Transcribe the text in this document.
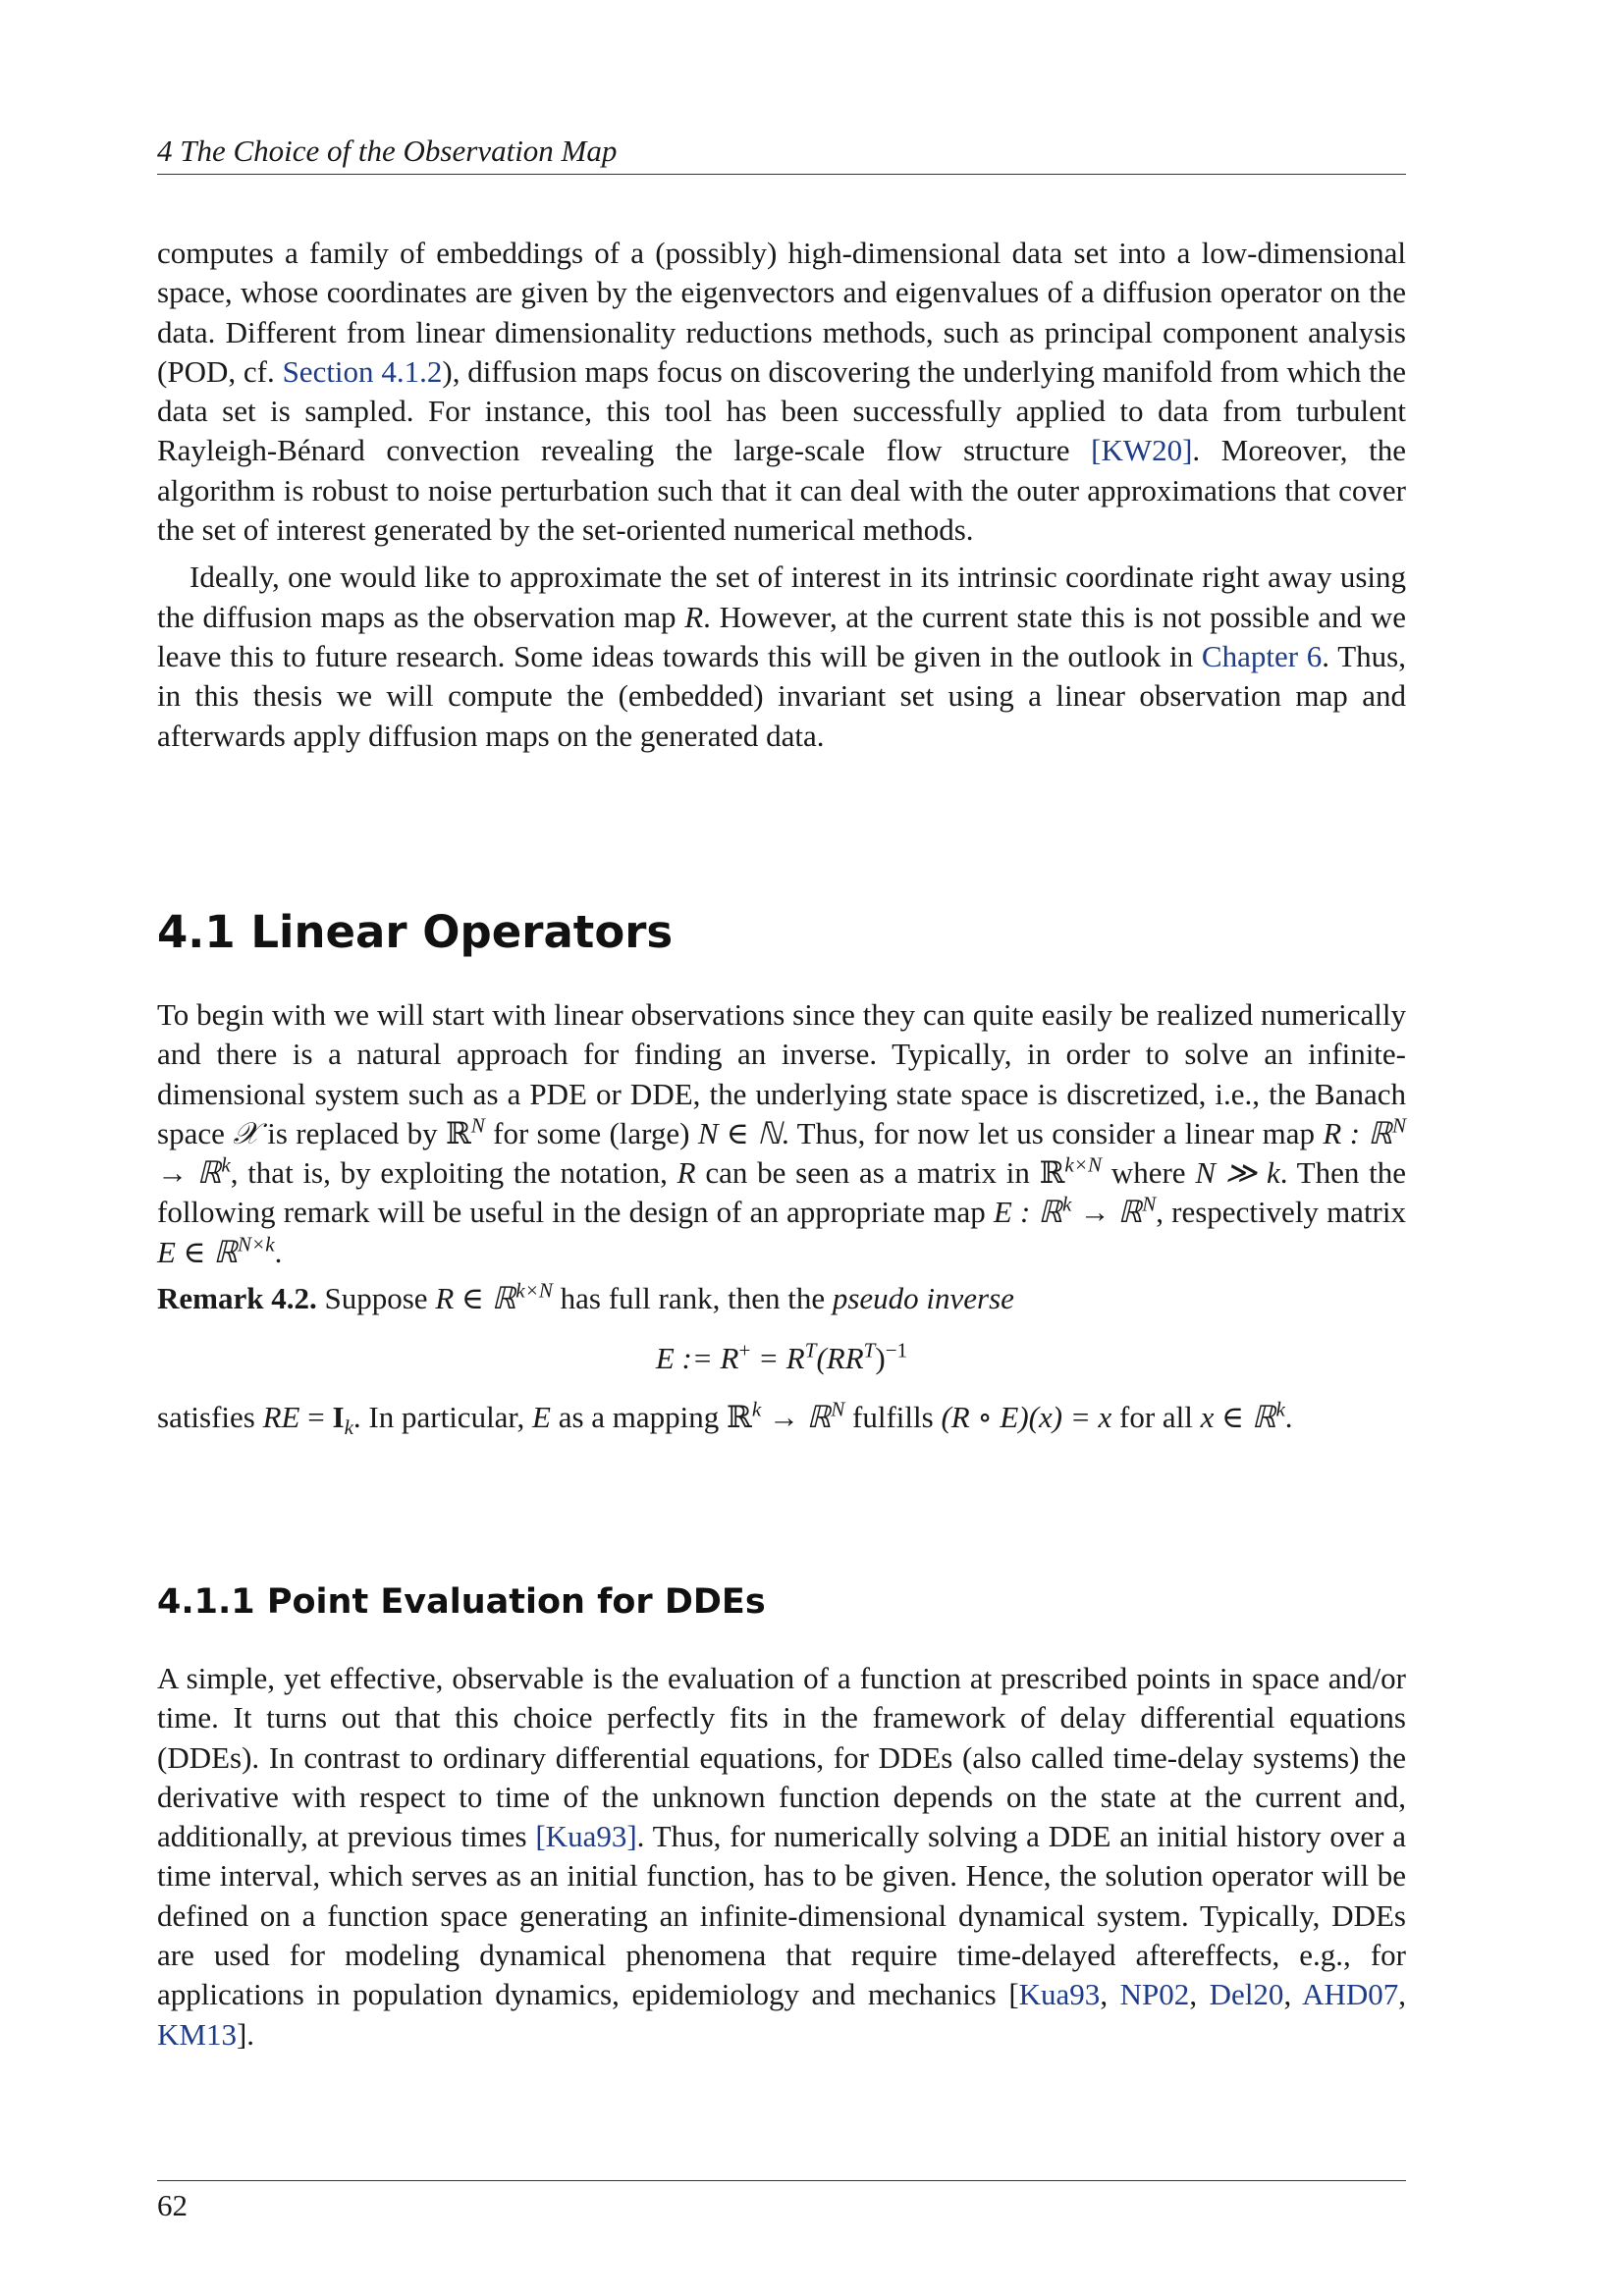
4 The Choice of the Observation Map

computes a family of embeddings of a (possibly) high-dimensional data set into a low-dimensional space, whose coordinates are given by the eigenvectors and eigenvalues of a diffusion operator on the data. Different from linear dimensionality reductions methods, such as principal component analysis (POD, cf. Section 4.1.2), diffusion maps focus on discovering the underlying manifold from which the data set is sampled. For instance, this tool has been successfully applied to data from turbulent Rayleigh-Bénard convection revealing the large-scale flow structure [KW20]. Moreover, the algorithm is robust to noise perturbation such that it can deal with the outer approximations that cover the set of interest generated by the set-oriented numerical methods.

Ideally, one would like to approximate the set of interest in its intrinsic coordinate right away using the diffusion maps as the observation map R. However, at the current state this is not possible and we leave this to future research. Some ideas towards this will be given in the outlook in Chapter 6. Thus, in this thesis we will compute the (embedded) invariant set using a linear observation map and afterwards apply diffusion maps on the generated data.

4.1 Linear Operators

To begin with we will start with linear observations since they can quite easily be realized numerically and there is a natural approach for finding an inverse. Typically, in order to solve an infinite-dimensional system such as a PDE or DDE, the underlying state space is discretized, i.e., the Banach space 𝒳 is replaced by ℝ$^N$ for some (large) N ∈ ℕ. Thus, for now let us consider a linear map R : ℝ$^N$ → ℝ$^k$, that is, by exploiting the notation, R can be seen as a matrix in ℝ$^{k\times N}$ where N ≫ k. Then the following remark will be useful in the design of an appropriate map E : ℝ$^k$ → ℝ$^N$, respectively matrix E ∈ ℝ$^{N\times k}$.

Remark 4.2. Suppose R ∈ ℝ$^{k\times N}$ has full rank, then the pseudo inverse

E := $R^+ = R^T(RR^T)^{-1}$

satisfies RE = $I_k$. In particular, E as a mapping ℝ$^k$ → ℝ$^N$ fulfills (R ∘ E)(x) = x for all x ∈ ℝ$^k$.

4.1.1 Point Evaluation for DDEs

A simple, yet effective, observable is the evaluation of a function at prescribed points in space and/or time. It turns out that this choice perfectly fits in the framework of delay differential equations (DDEs). In contrast to ordinary differential equations, for DDEs (also called time-delay systems) the derivative with respect to time of the unknown function depends on the state at the current and, additionally, at previous times [Kua93]. Thus, for numerically solving a DDE an initial history over a time interval, which serves as an initial function, has to be given. Hence, the solution operator will be defined on a function space generating an infinite-dimensional dynamical system. Typically, DDEs are used for modeling dynamical phenomena that require time-delayed aftereffects, e.g., for applications in population dynamics, epidemiology and mechanics [Kua93, NP02, Del20, AHD07, KM13].

62
